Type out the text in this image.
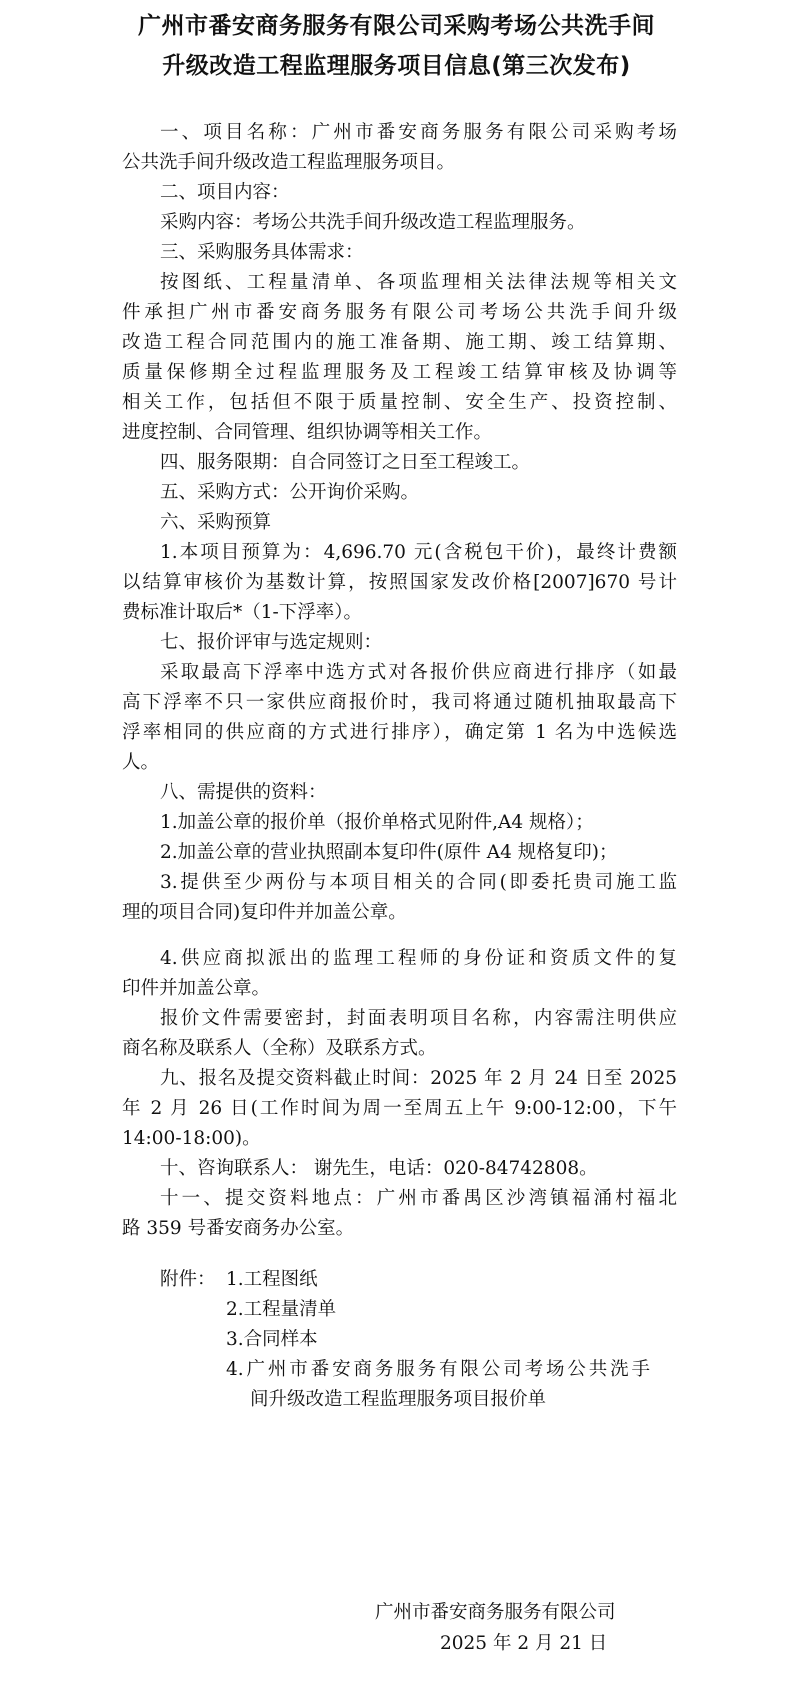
广州市番安商务服务有限公司采购考场公共洗手间
升级改造工程监理服务项目信息(第三次发布)
一、项目名称：广州市番安商务服务有限公司采购考场
公共洗手间升级改造工程监理服务项目。
二、项目内容：
采购内容：考场公共洗手间升级改造工程监理服务。
三、采购服务具体需求：
按图纸、工程量清单、各项监理相关法律法规等相关文
件承担广州市番安商务服务有限公司考场公共洗手间升级
改造工程合同范围内的施工准备期、施工期、竣工结算期、
质量保修期全过程监理服务及工程竣工结算审核及协调等
相关工作，包括但不限于质量控制、安全生产、投资控制、
进度控制、合同管理、组织协调等相关工作。
四、服务限期：自合同签订之日至工程竣工。
五、采购方式：公开询价采购。
六、采购预算
1.本项目预算为：4,696.70 元(含税包干价)，最终计费额
以结算审核价为基数计算，按照国家发改价格[2007]670 号计
费标准计取后*（1-下浮率）。
七、报价评审与选定规则：
采取最高下浮率中选方式对各报价供应商进行排序（如最
高下浮率不只一家供应商报价时，我司将通过随机抽取最高下
浮率相同的供应商的方式进行排序），确定第 1 名为中选候选
人。
八、需提供的资料：
1.加盖公章的报价单（报价单格式见附件,A4 规格）；
2.加盖公章的营业执照副本复印件(原件 A4 规格复印)；
3.提供至少两份与本项目相关的合同(即委托贵司施工监
理的项目合同)复印件并加盖公章。
4.供应商拟派出的监理工程师的身份证和资质文件的复
印件并加盖公章。
报价文件需要密封，封面表明项目名称，内容需注明供应
商名称及联系人（全称）及联系方式。
九、报名及提交资料截止时间：2025 年 2 月 24 日至 2025
年 2 月 26 日(工作时间为周一至周五上午 9:00-12:00，下午
14:00-18:00)。
十、咨询联系人： 谢先生，电话：020-84742808。
十一、提交资料地点：广州市番禺区沙湾镇福涌村福北
路 359 号番安商务办公室。
附件： 1.工程图纸
2.工程量清单
3.合同样本
4.广州市番安商务服务有限公司考场公共洗手
间升级改造工程监理服务项目报价单
广州市番安商务服务有限公司
2025 年 2 月 21 日
